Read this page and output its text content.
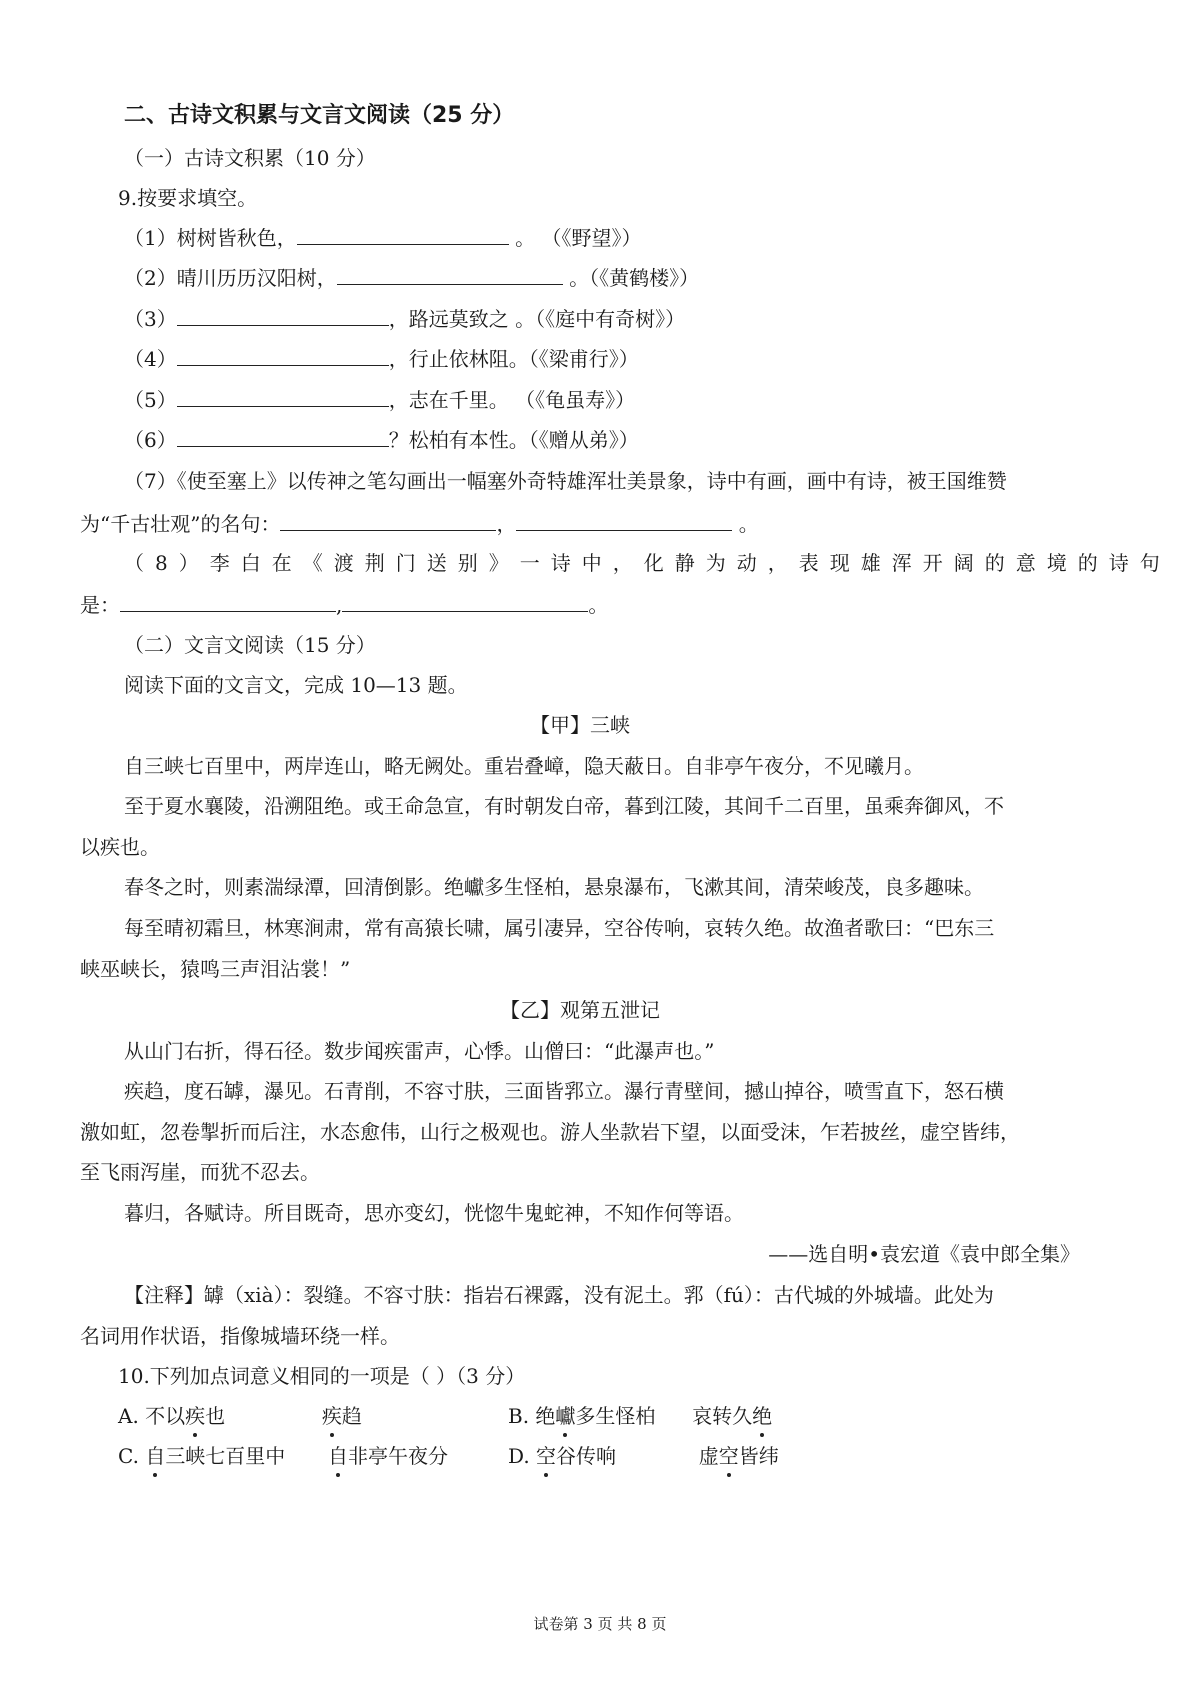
二、古诗文积累与文言文阅读（25 分）
（一）古诗文积累（10 分）
9.按要求填空。
（1）树树皆秋色，	。 （《野望》）
（2）晴川历历汉阳树，	。（《黄鹤楼》）
（3）	，路远莫致之 。（《庭中有奇树》）
（4）	，行止依林阻。（《梁甫行》）
（5）	，志在千里。 （《龟虽寿》）
（6）	？松柏有本性。（《赠从弟》）
（7）《使至塞上》以传神之笔勾画出一幅塞外奇特雄浑壮美景象，诗中有画，画中有诗，被王国维赞
为“千古壮观”的名句：	，	。
（8）李白在《渡荆门送别》一诗中，化静为动，表现雄浑开阔的意境的诗句
是：	,	。
（二）文言文阅读（15 分）
阅读下面的文言文，完成 10—13 题。
【甲】三峡
自三峡七百里中，两岸连山，略无阙处。重岩叠嶂，隐天蔽日。自非亭午夜分，不见曦月。
至于夏水襄陵，沿溯阻绝。或王命急宣，有时朝发白帝，暮到江陵，其间千二百里，虽乘奔御风，不
以疾也。
春冬之时，则素湍绿潭，回清倒影。绝巘多生怪柏，悬泉瀑布，飞漱其间，清荣峻茂，良多趣味。
每至晴初霜旦，林寒涧肃，常有高猿长啸，属引凄异，空谷传响，哀转久绝。故渔者歌曰：“巴东三
峡巫峡长，猿鸣三声泪沾裳！”
【乙】观第五泄记
从山门右折，得石径。数步闻疾雷声，心悸。山僧曰：“此瀑声也。”
疾趋，度石罅，瀑见。石青削，不容寸肤，三面皆郛立。瀑行青壁间，撼山掉谷，喷雪直下，怒石横
激如虹，忽卷掣折而后注，水态愈伟，山行之极观也。游人坐款岩下望，以面受沫，乍若披丝，虚空皆纬，
至飞雨泻崖，而犹不忍去。
暮归，各赋诗。所目既奇，思亦变幻，恍惚牛鬼蛇神，不知作何等语。
——选自明•袁宏道《袁中郎全集》
【注释】罅（xià）：裂缝。不容寸肤：指岩石裸露，没有泥土。郛（fú）：古代城的外城墙。此处为
名词用作状语，指像城墙环绕一样。
10.下列加点词意义相同的一项是（ ）（3 分）
A. 不以疾也	疾趋	B. 绝巘多生怪柏 哀转久绝
C. 自三峡七百里中 自非亭午夜分	D. 空谷传响	虚空皆纬
试卷第 3 页 共 8 页
